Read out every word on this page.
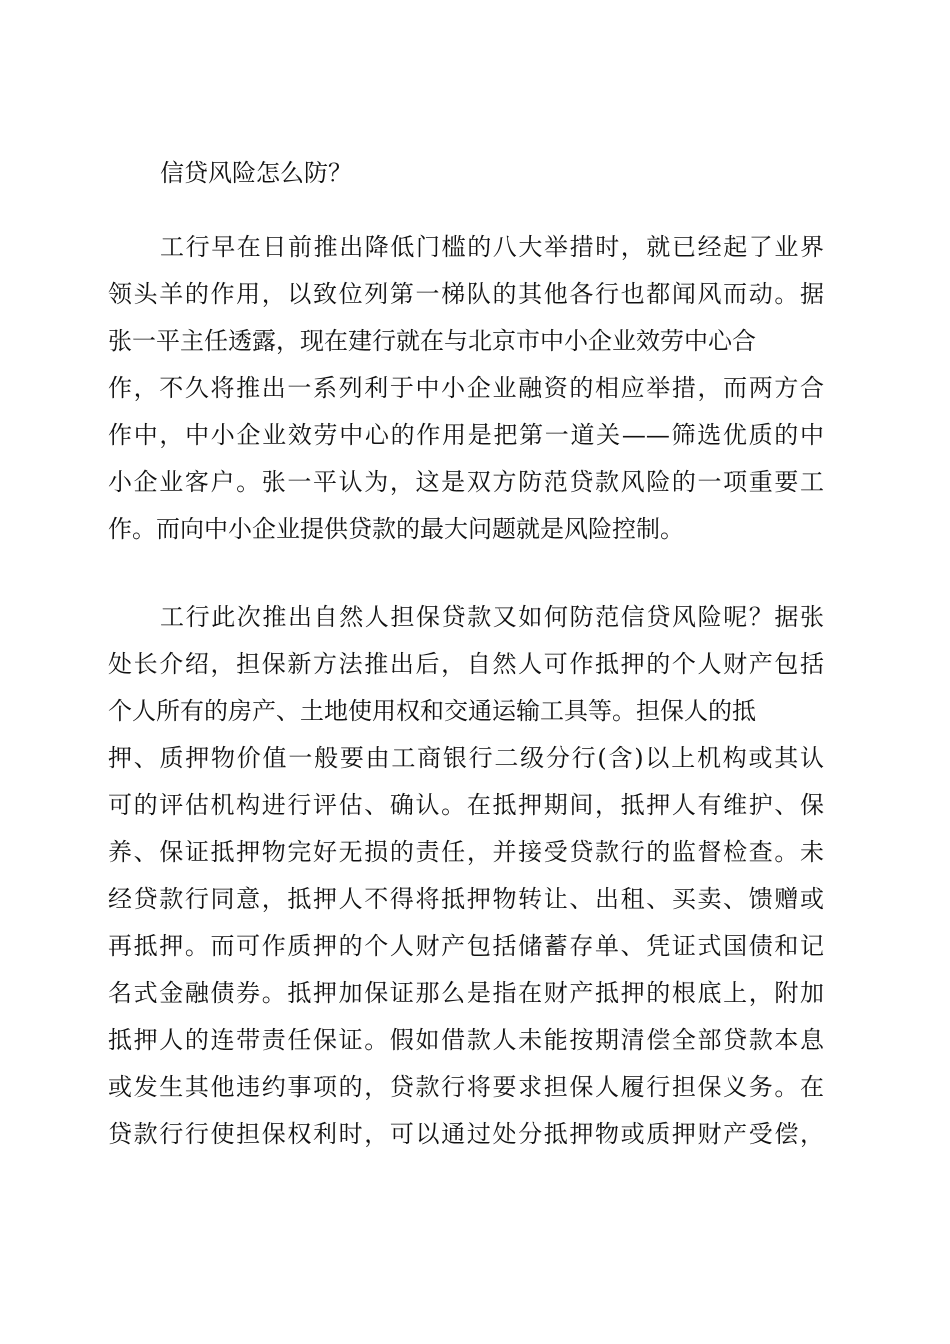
信贷风险怎么防？
工行早在日前推出降低门槛的八大举措时，就已经起了业界
领头羊的作用，以致位列第一梯队的其他各行也都闻风而动。据
张一平主任透露，现在建行就在与北京市中小企业效劳中心合
作，不久将推出一系列利于中小企业融资的相应举措，而两方合
作中，中小企业效劳中心的作用是把第一道关——筛选优质的中
小企业客户。张一平认为，这是双方防范贷款风险的一项重要工
作。而向中小企业提供贷款的最大问题就是风险控制。
工行此次推出自然人担保贷款又如何防范信贷风险呢？据张
处长介绍，担保新方法推出后，自然人可作抵押的个人财产包括
个人所有的房产、土地使用权和交通运输工具等。担保人的抵
押、质押物价值一般要由工商银行二级分行(含)以上机构或其认
可的评估机构进行评估、确认。在抵押期间，抵押人有维护、保
养、保证抵押物完好无损的责任，并接受贷款行的监督检查。未
经贷款行同意，抵押人不得将抵押物转让、出租、买卖、馈赠或
再抵押。而可作质押的个人财产包括储蓄存单、凭证式国债和记
名式金融债券。抵押加保证那么是指在财产抵押的根底上，附加
抵押人的连带责任保证。假如借款人未能按期清偿全部贷款本息
或发生其他违约事项的，贷款行将要求担保人履行担保义务。在
贷款行行使担保权利时，可以通过处分抵押物或质押财产受偿，
